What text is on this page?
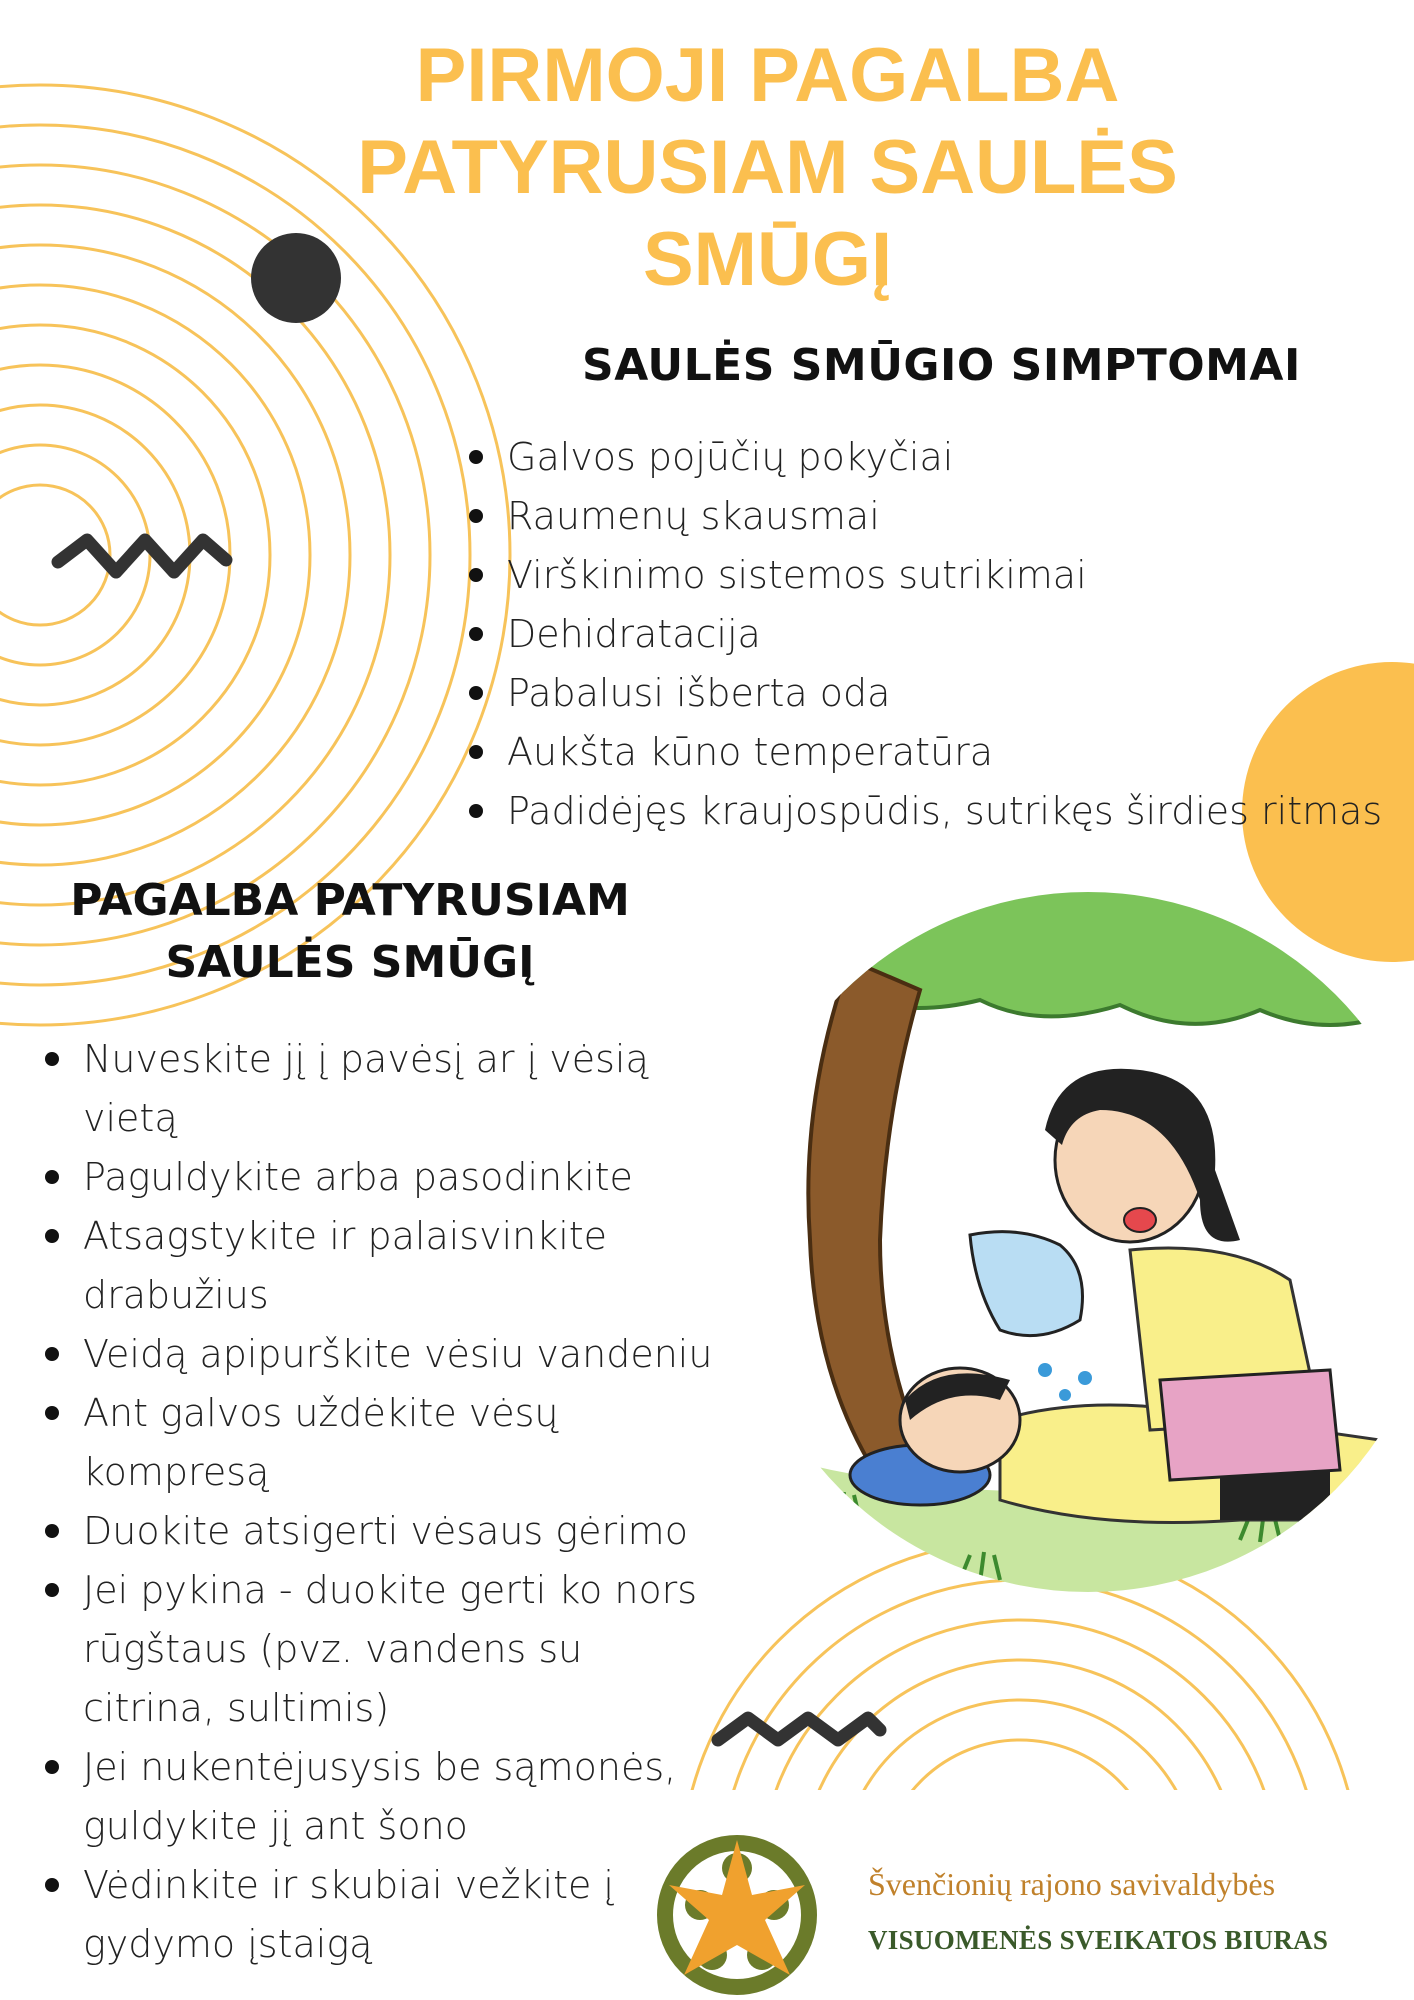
PIRMOJI PAGALBA
PATYRUSIAM SAULĖS
SMŪGĮ
SAULĖS SMŪGIO SIMPTOMAI
Galvos pojūčių pokyčiai
Raumenų skausmai
Virškinimo sistemos sutrikimai
Dehidratacija
Pabalusi išberta oda
Aukšta kūno temperatūra
Padidėjęs kraujospūdis, sutrikęs širdies ritmas
PAGALBA PATYRUSIAM
SAULĖS SMŪGĮ
Nuveskite jį į pavėsį ar į vėsią vietą
Paguldykite arba pasodinkite
Atsagstykite ir palaisvinkite drabužius
Veidą apipurškite vėsiu vandeniu
Ant galvos uždėkite vėsų kompresą
Duokite atsigerti vėsaus gėrimo
Jei pykina - duokite gerti ko nors rūgštaus (pvz. vandens su citrina, sultimis)
Jei nukentėjusysis be sąmonės, guldykite jį ant šono
Vėdinkite ir skubiai vežkite į gydymo įstaigą
Švenčionių rajono savivaldybės
VISUOMENĖS SVEIKATOS BIURAS
